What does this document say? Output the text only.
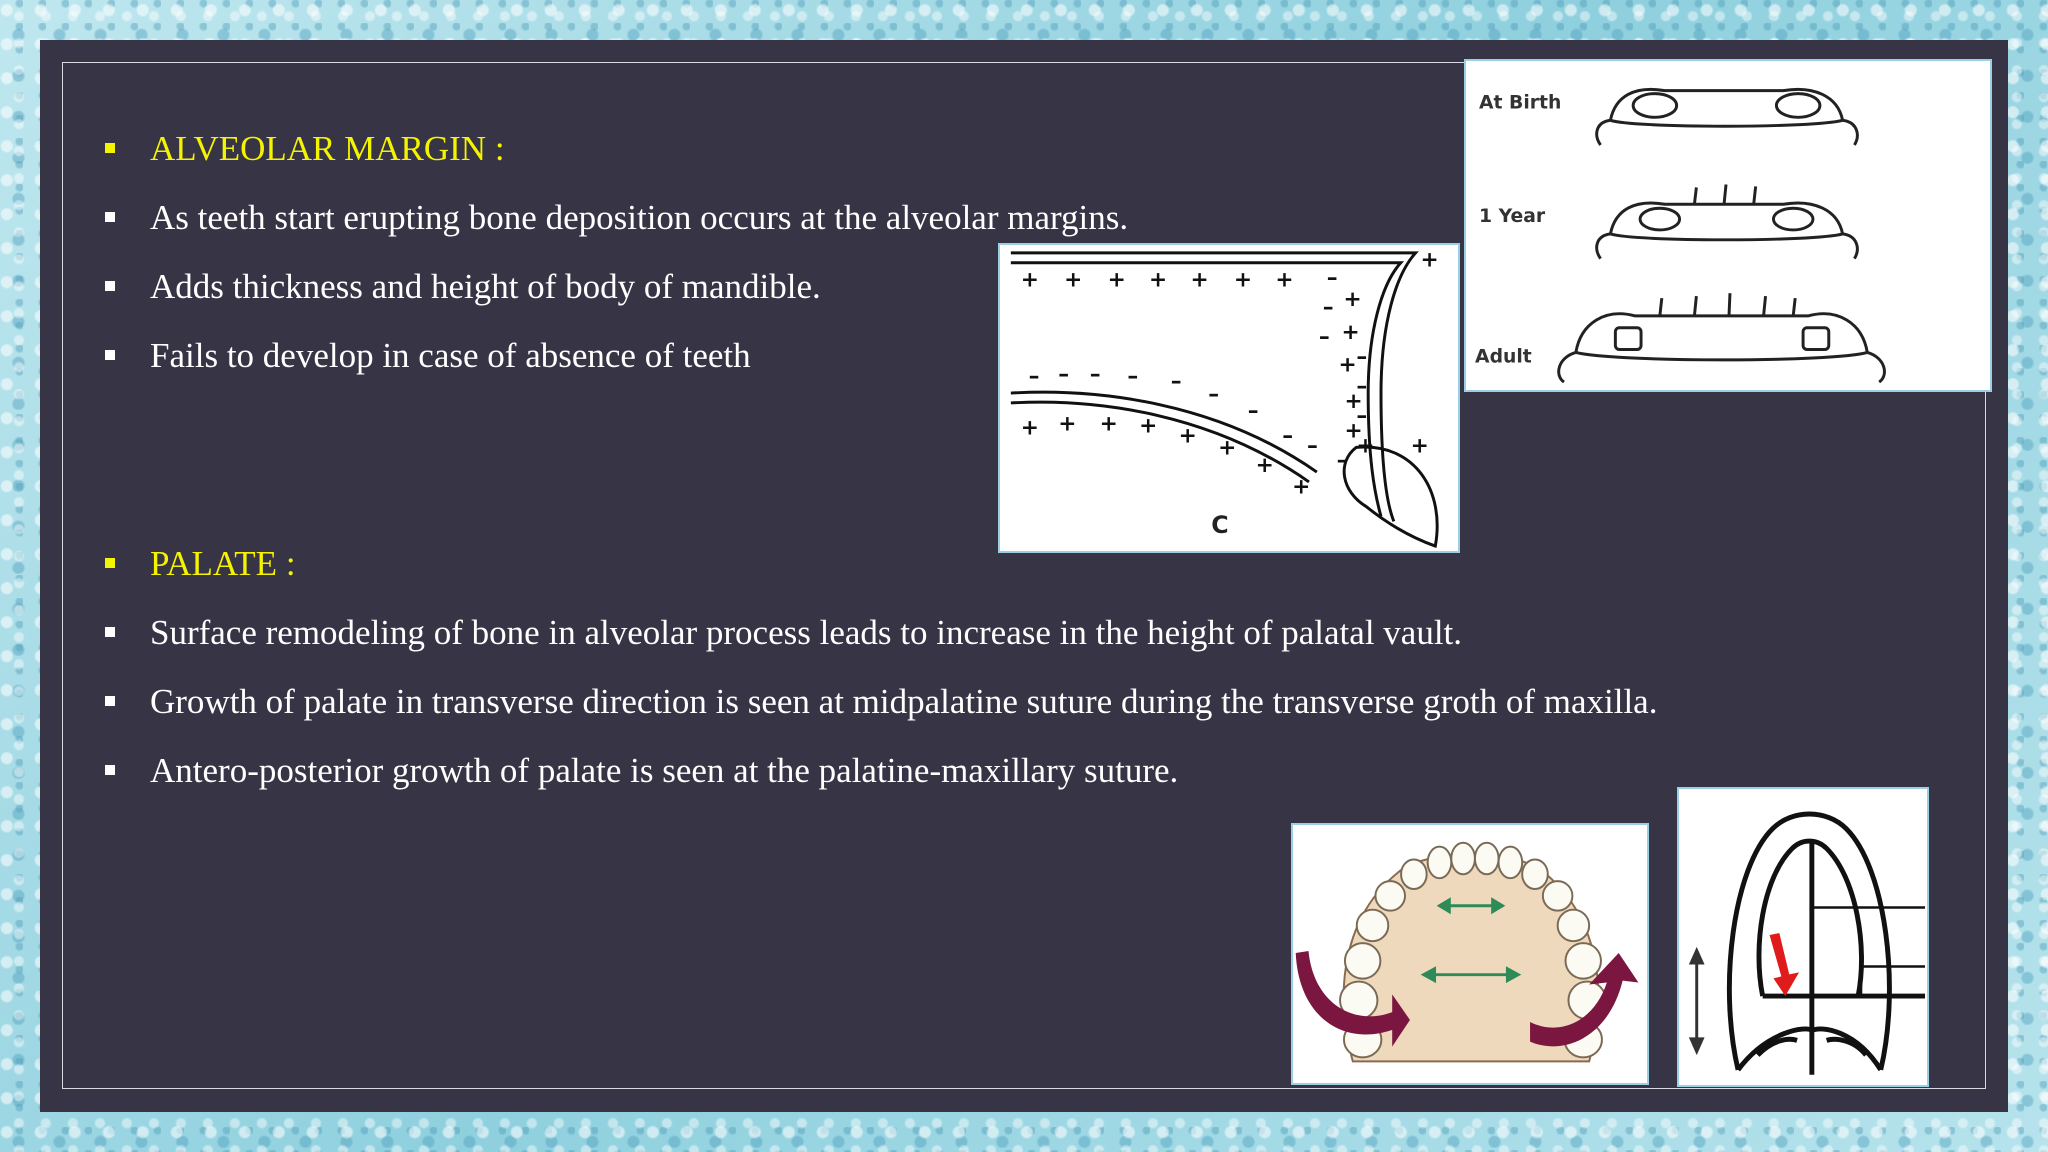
ALVEOLAR MARGIN :
As teeth start erupting bone deposition occurs at the alveolar margins.
Adds thickness and height of body of mandible.
Fails to develop in case of absence of teeth
PALATE :
Surface remodeling of bone in alveolar process leads to increase in the height of palatal vault.
Growth of palate in transverse direction is seen at midpalatine suture during the transverse groth of maxilla.
Antero-posterior growth of palate is seen at the palatine-maxillary suture.
At Birth
1 Year
Adult
+ + + + + + + –
–
– +
+
+
+
+
+
–
–
–
– – – – –
–
–
–
+ + + + + +
+
+
–
–
+ +
C
